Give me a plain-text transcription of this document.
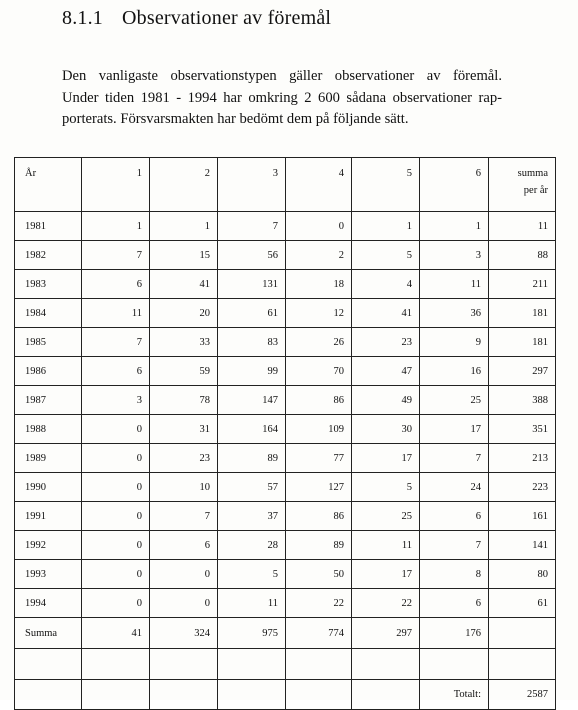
8.1.1 Observationer av föremål
Den vanligaste observationstypen gäller observationer av föremål.
Under tiden 1981 - 1994 har omkring 2 600 sådana observationer rap-
porterats. Försvarsmakten har bedömt dem på följande sätt.
År	1	2	3	4	5	6	summa
per år
1981	1	1	7	0	1	1	11
1982	7	15	56	2	5	3	88
1983	6	41	131	18	4	11	211
1984	11	20	61	12	41	36	181
1985	7	33	83	26	23	9	181
1986	6	59	99	70	47	16	297
1987	3	78	147	86	49	25	388
1988	0	31	164	109	30	17	351
1989	0	23	89	77	17	7	213
1990	0	10	57	127	5	24	223
1991	0	7	37	86	25	6	161
1992	0	6	28	89	11	7	141
1993	0	0	5	50	17	8	80
1994	0	0	11	22	22	6	61
Summa	41	324	975	774	297	176	

						Totalt:	2587
